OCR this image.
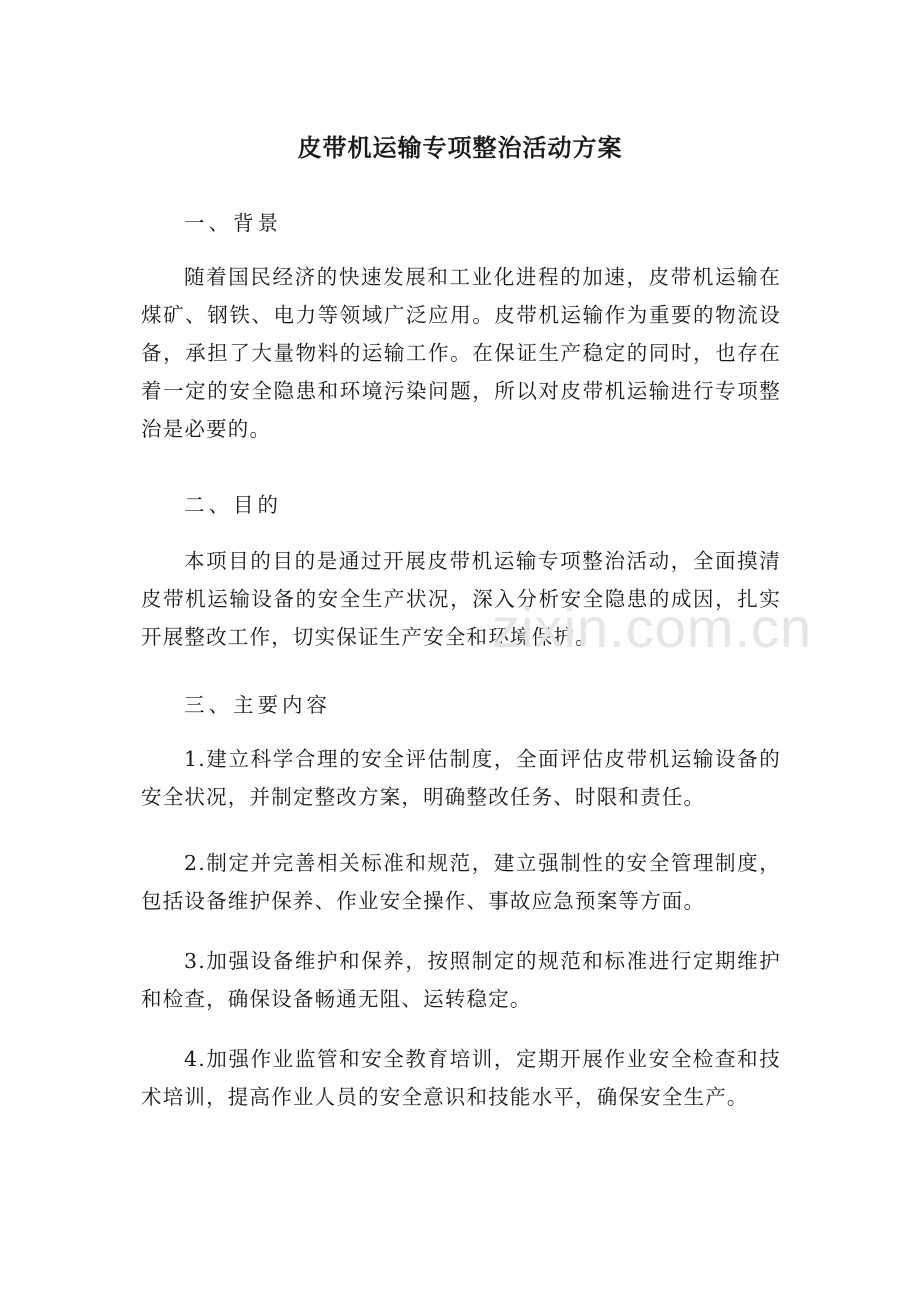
皮带机运输专项整治活动方案

一、背景

随着国民经济的快速发展和工业化进程的加速，皮带机运输在煤矿、钢铁、电力等领域广泛应用。皮带机运输作为重要的物流设备，承担了大量物料的运输工作。在保证生产稳定的同时，也存在着一定的安全隐患和环境污染问题，所以对皮带机运输进行专项整治是必要的。

二、目的

本项目的目的是通过开展皮带机运输专项整治活动，全面摸清皮带机运输设备的安全生产状况，深入分析安全隐患的成因，扎实开展整改工作，切实保证生产安全和环境保护。

三、主要内容

1.建立科学合理的安全评估制度，全面评估皮带机运输设备的安全状况，并制定整改方案，明确整改任务、时限和责任。

2.制定并完善相关标准和规范，建立强制性的安全管理制度，包括设备维护保养、作业安全操作、事故应急预案等方面。

3.加强设备维护和保养，按照制定的规范和标准进行定期维护和检查，确保设备畅通无阻、运转稳定。

4.加强作业监管和安全教育培训，定期开展作业安全检查和技术培训，提高作业人员的安全意识和技能水平，确保安全生产。

zixin.com.cn
